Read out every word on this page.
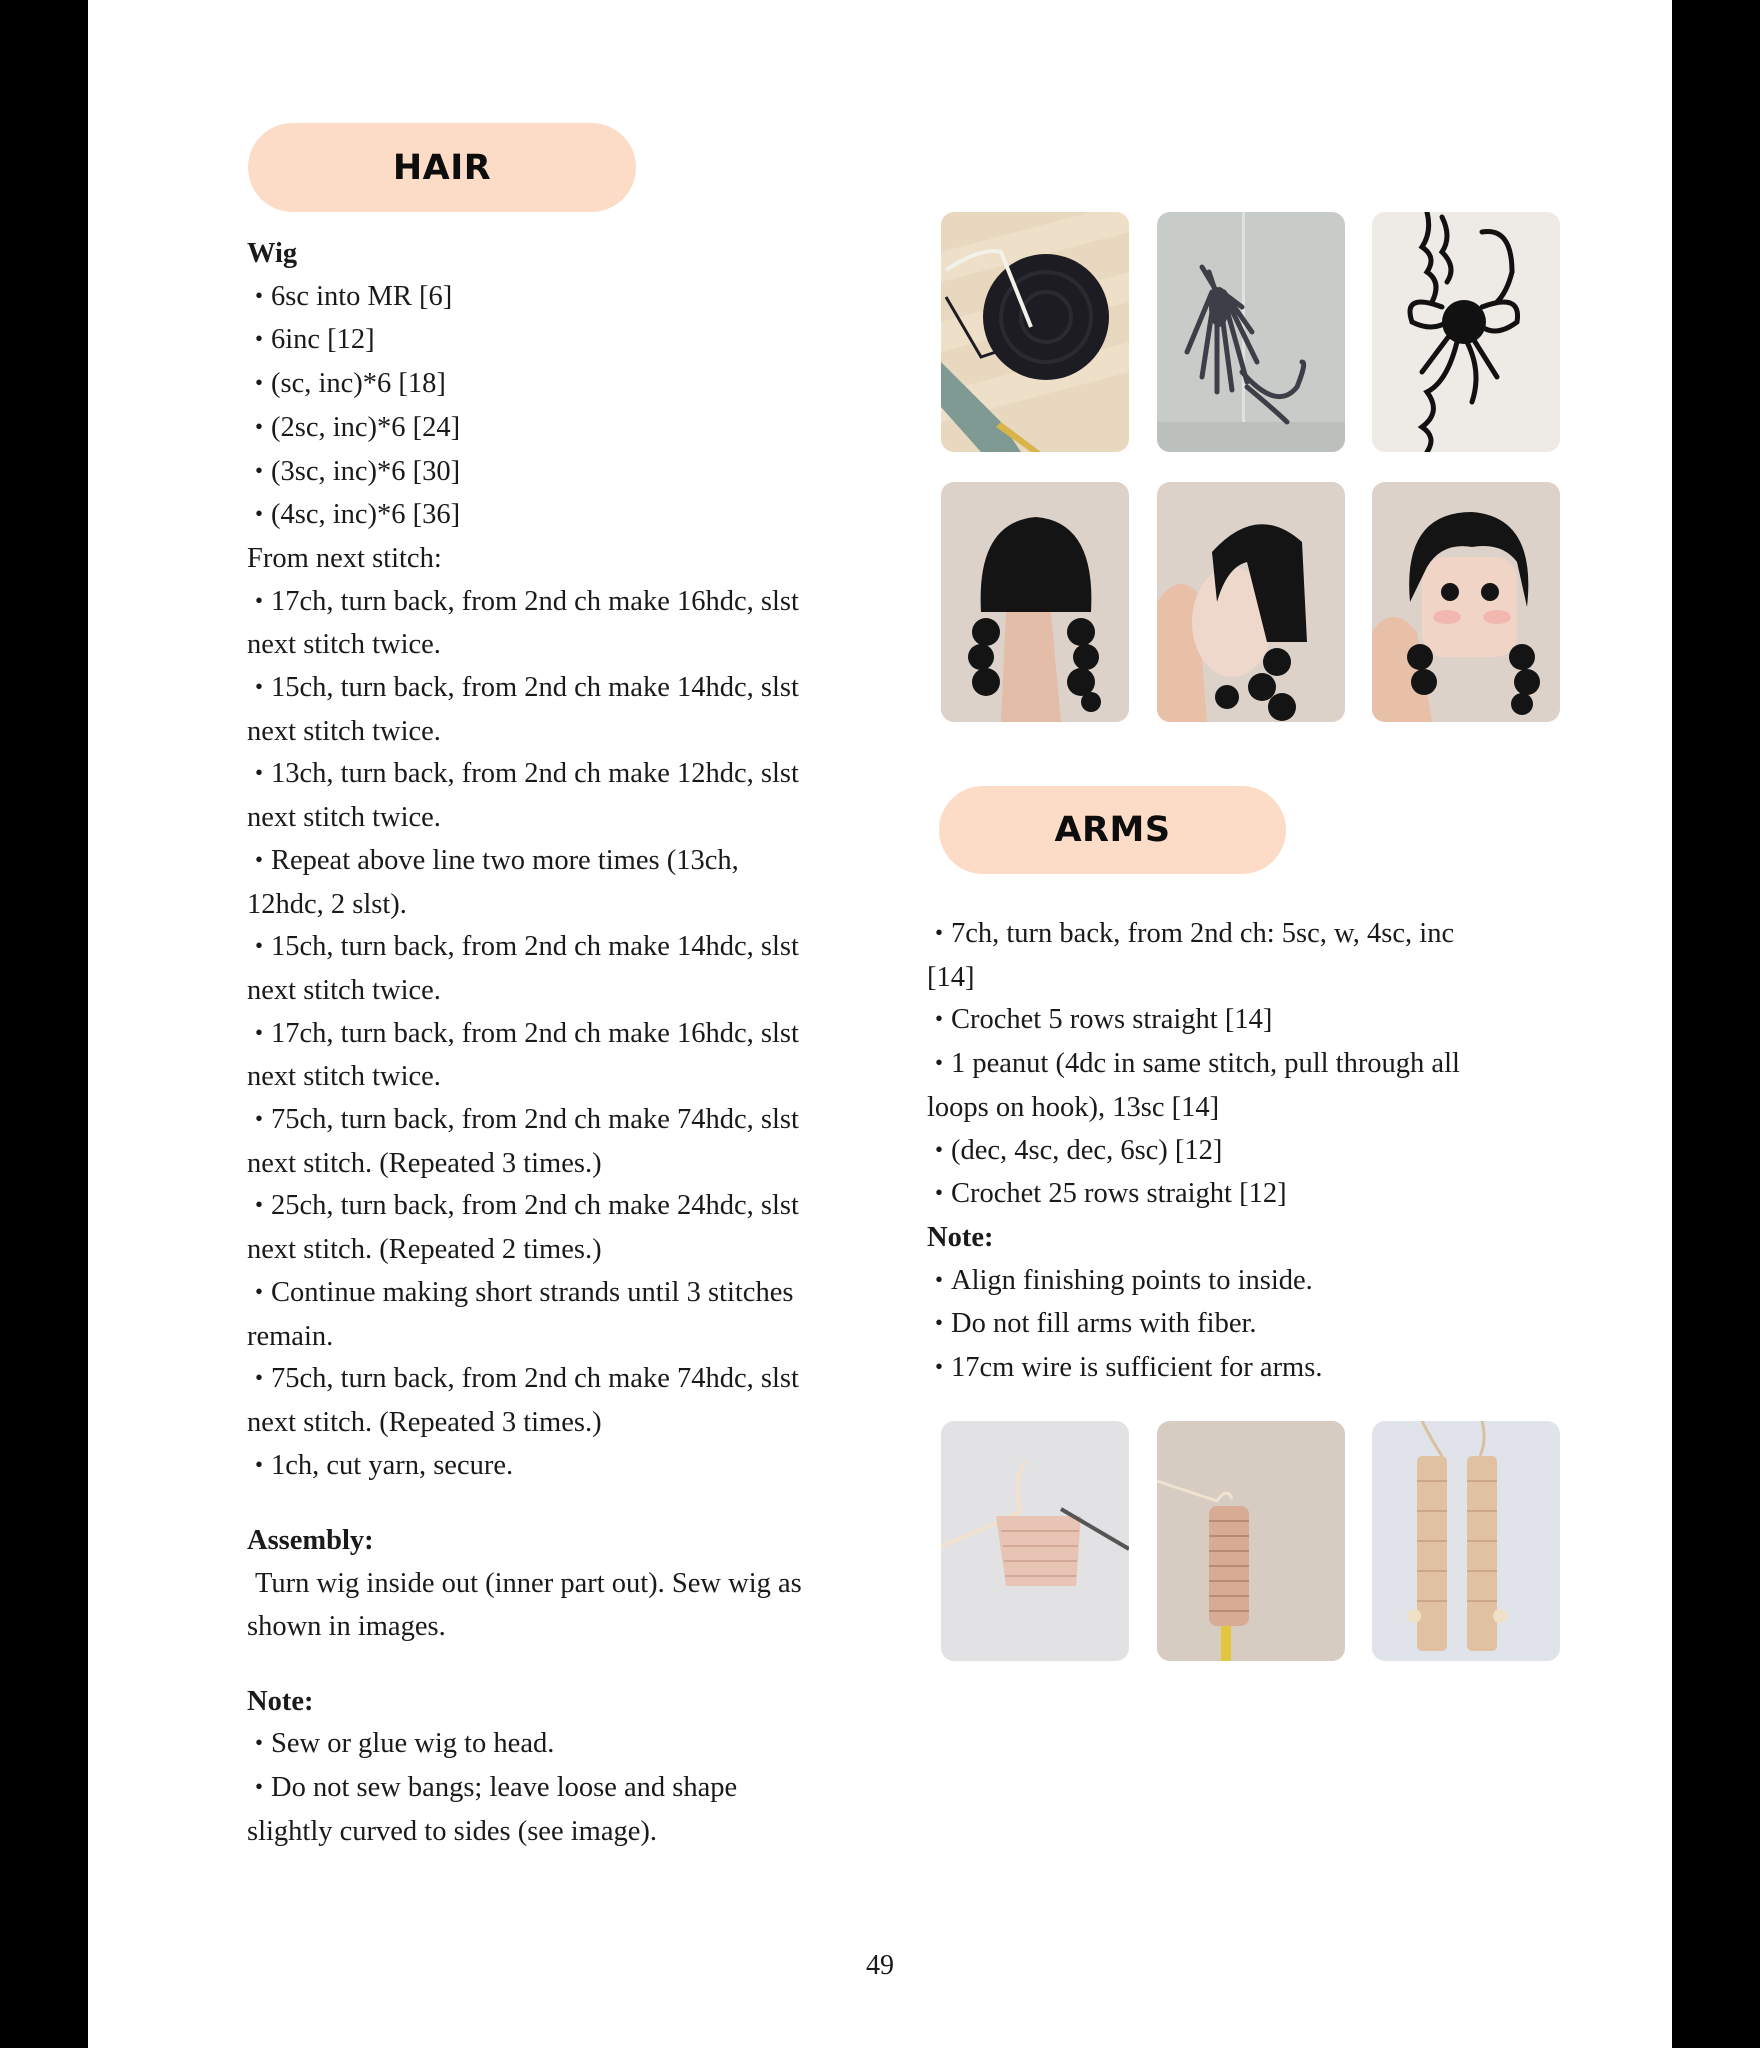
HAIR

Wig

• 6sc into MR [6]

• 6inc [12]

• (sc, inc)*6 [18]

• (2sc, inc)*6 [24]

• (3sc, inc)*6 [30]

• (4sc, inc)*6 [36]

From next stitch:

• 17ch, turn back, from 2nd ch make 16hdc, slst

next stitch twice.

• 15ch, turn back, from 2nd ch make 14hdc, slst

next stitch twice.

• 13ch, turn back, from 2nd ch make 12hdc, slst

next stitch twice.

• Repeat above line two more times (13ch,

12hdc, 2 slst).

• 15ch, turn back, from 2nd ch make 14hdc, slst

next stitch twice.

• 17ch, turn back, from 2nd ch make 16hdc, slst

next stitch twice.

• 75ch, turn back, from 2nd ch make 74hdc, slst

next stitch. (Repeated 3 times.)

• 25ch, turn back, from 2nd ch make 24hdc, slst

next stitch. (Repeated 2 times.)

• Continue making short strands until 3 stitches

remain.

• 75ch, turn back, from 2nd ch make 74hdc, slst

next stitch. (Repeated 3 times.)

• 1ch, cut yarn, secure.

Assembly:

Turn wig inside out (inner part out). Sew wig as

shown in images.

Note:

• Sew or glue wig to head.

• Do not sew bangs; leave loose and shape

slightly curved to sides (see image).

ARMS

• 7ch, turn back, from 2nd ch: 5sc, w, 4sc, inc

[14]

• Crochet 5 rows straight [14]

• 1 peanut (4dc in same stitch, pull through all

loops on hook), 13sc [14]

• (dec, 4sc, dec, 6sc) [12]

• Crochet 25 rows straight [12]

Note:

• Align finishing points to inside.

• Do not fill arms with fiber.

• 17cm wire is sufficient for arms.

49
